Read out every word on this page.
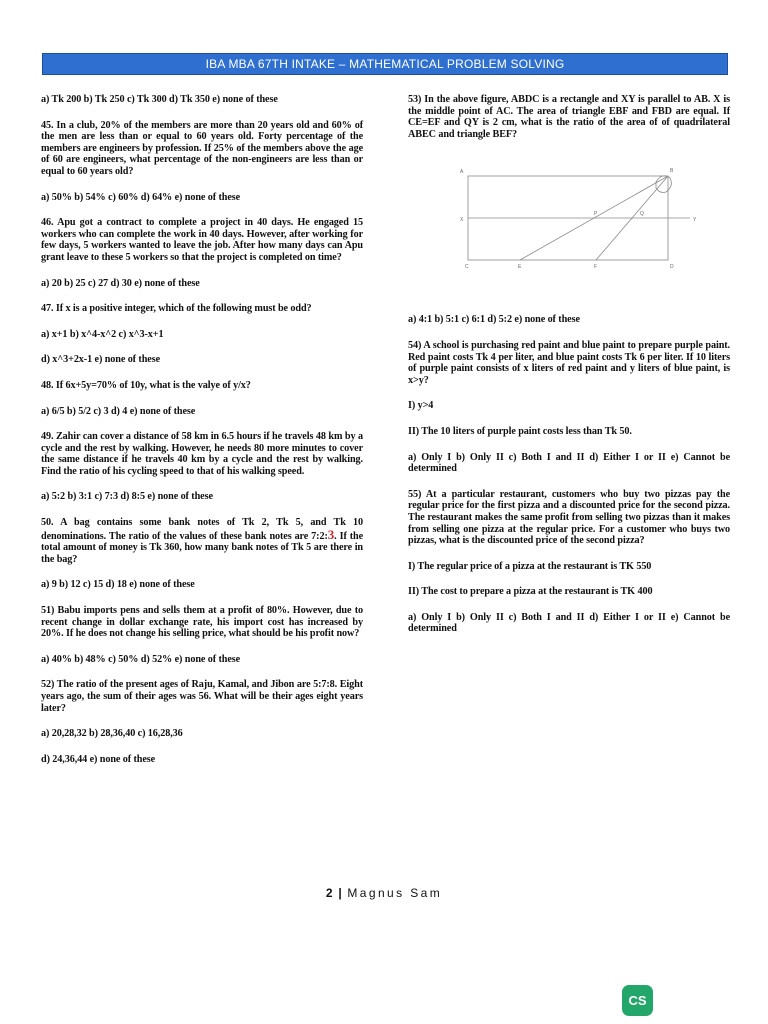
IBA MBA 67TH INTAKE – MATHEMATICAL PROBLEM SOLVING

a) Tk 200 b) Tk 250 c) Tk 300 d) Tk 350 e) none of these

45. In a club, 20% of the members are more than 20 years old and 60% of the men are less than or equal to 60 years old. Forty percentage of the members are engineers by profession. If 25% of the members above the age of 60 are engineers, what percentage of the non-engineers are less than or equal to 60 years old?

a) 50% b) 54% c) 60% d) 64% e) none of these

46. Apu got a contract to complete a project in 40 days. He engaged 15 workers who can complete the work in 40 days. However, after working for few days, 5 workers wanted to leave the job. After how many days can Apu grant leave to these 5 workers so that the project is completed on time?

a) 20 b) 25 c) 27 d) 30 e) none of these

47. If x is a positive integer, which of the following must be odd?

a) x+1 b) x^4-x^2 c) x^3-x+1

d) x^3+2x-1 e) none of these

48. If 6x+5y=70% of 10y, what is the valye of y/x?

a) 6/5 b) 5/2 c) 3 d) 4 e) none of these

49. Zahir can cover a distance of 58 km in 6.5 hours if he travels 48 km by a cycle and the rest by walking. However, he needs 80 more minutes to cover the same distance if he travels 40 km by a cycle and the rest by walking. Find the ratio of his cycling speed to that of his walking speed.

a) 5:2 b) 3:1 c) 7:3 d) 8:5 e) none of these

50. A bag contains some bank notes of Tk 2, Tk 5, and Tk 10 denominations. The ratio of the values of these bank notes are 7:2:3. If the total amount of money is Tk 360, how many bank notes of Tk 5 are there in the bag?

a) 9 b) 12 c) 15 d) 18 e) none of these

51) Babu imports pens and sells them at a profit of 80%. However, due to recent change in dollar exchange rate, his import cost has increased by 20%. If he does not change his selling price, what should be his profit now?

a) 40% b) 48% c) 50% d) 52% e) none of these

52) The ratio of the present ages of Raju, Kamal, and Jibon are 5:7:8. Eight years ago, the sum of their ages was 56. What will be their ages eight years later?

a) 20,28,32 b) 28,36,40 c) 16,28,36

d) 24,36,44 e) none of these

53) In the above figure, ABDC is a rectangle and XY is parallel to AB. X is the middle point of AC. The area of triangle EBF and FBD are equal. If CE=EF and QY is 2 cm, what is the ratio of the area of of quadrilateral ABEC and triangle BEF?

A	B
X	Y
P	Q
C	E	F	D

a) 4:1 b) 5:1 c) 6:1 d) 5:2 e) none of these

54) A school is purchasing red paint and blue paint to prepare purple paint. Red paint costs Tk 4 per liter, and blue paint costs Tk 6 per liter. If 10 liters of purple paint consists of x liters of red paint and y liters of blue paint, is x>y?

I) y>4

II) The 10 liters of purple paint costs less than Tk 50.

a) Only I b) Only II c) Both I and II d) Either I or II e) Cannot be determined

55) At a particular restaurant, customers who buy two pizzas pay the regular price for the first pizza and a discounted price for the second pizza. The restaurant makes the same profit from selling two pizzas than it makes from selling one pizza at the regular price. For a customer who buys two pizzas, what is the discounted price of the second pizza?

I) The regular price of a pizza at the restaurant is TK 550

II) The cost to prepare a pizza at the restaurant is TK 400

a) Only I b) Only II c) Both I and II d) Either I or II e) Cannot be determined

2 | Magnus Sam
CS
